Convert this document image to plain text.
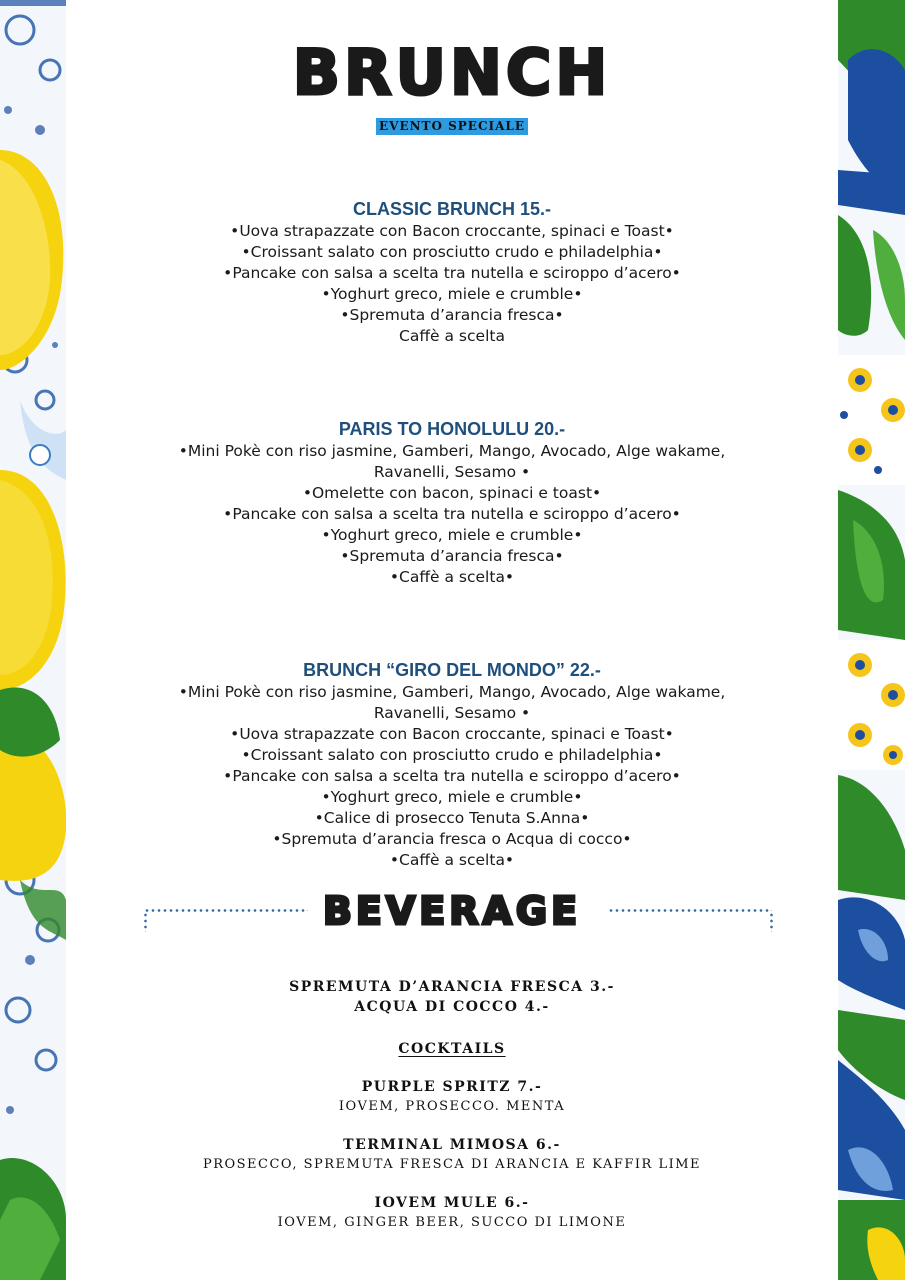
BRUNCH
EVENTO SPECIALE
CLASSIC BRUNCH 15.-
•Uova strapazzate con Bacon croccante, spinaci e Toast•
•Croissant salato con prosciutto crudo e philadelphia•
•Pancake con salsa a scelta tra nutella e sciroppo d’acero•
•Yoghurt greco, miele e crumble•
•Spremuta d’arancia fresca•
Caffè a scelta
PARIS TO HONOLULU 20.-
•Mini Pokè con riso jasmine, Gamberi, Mango, Avocado, Alge wakame,
Ravanelli, Sesamo •
•Omelette con bacon, spinaci e toast•
•Pancake con salsa a scelta tra nutella e sciroppo d’acero•
•Yoghurt greco, miele e crumble•
•Spremuta d’arancia fresca•
•Caffè a scelta•
BRUNCH “GIRO DEL MONDO” 22.-
•Mini Pokè con riso jasmine, Gamberi, Mango, Avocado, Alge wakame,
Ravanelli, Sesamo •
•Uova strapazzate con Bacon croccante, spinaci e Toast•
•Croissant salato con prosciutto crudo e philadelphia•
•Pancake con salsa a scelta tra nutella e sciroppo d’acero•
•Yoghurt greco, miele e crumble•
•Calice di prosecco Tenuta S.Anna•
•Spremuta d’arancia fresca o Acqua di cocco•
•Caffè a scelta•
BEVERAGE
SPREMUTA D’ARANCIA FRESCA 3.-
ACQUA DI COCCO 4.-
COCKTAILS
PURPLE SPRITZ 7.-
IOVEM, PROSECCO. MENTA
TERMINAL MIMOSA 6.-
PROSECCO, SPREMUTA FRESCA DI ARANCIA E KAFFIR LIME
IOVEM MULE 6.-
IOVEM, GINGER BEER, SUCCO DI LIMONE
